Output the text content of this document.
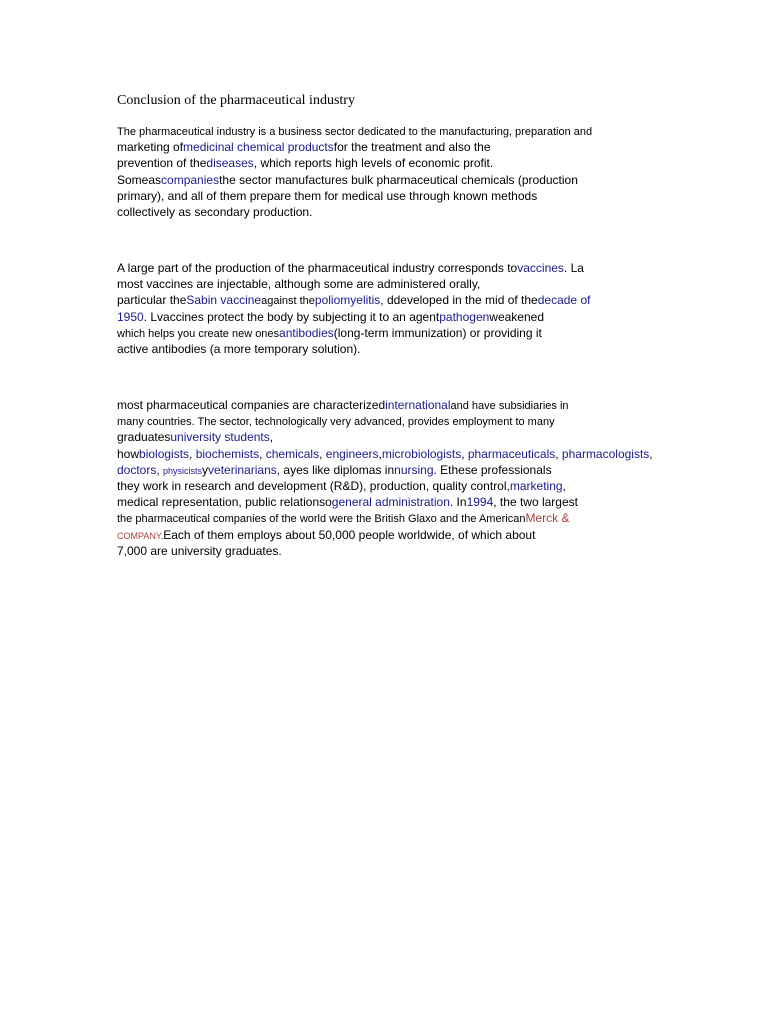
Conclusion of the pharmaceutical industry
The pharmaceutical industry is a business sector dedicated to the manufacturing, preparation and
marketing ofmedicinal chemical productsfor the treatment and also the
prevention of thediseases, which reports high levels of economic profit.
Someascompaniesthe sector manufactures bulk pharmaceutical chemicals (production
primary), and all of them prepare them for medical use through known methods
collectively as secondary production.
A large part of the production of the pharmaceutical industry corresponds tovaccines. La
most vaccines are injectable, although some are administered orally,
particular theSabin vaccineagainst thepoliomyelitis, ddeveloped in the mid of thedecade of
1950. Lvaccines protect the body by subjecting it to an agentpathogenweakened
which helps you create new onesantibodies(long-term immunization) or providing it
active antibodies (a more temporary solution).
most pharmaceutical companies are characterizedinternationaland have subsidiaries in
many countries. The sector, technologically very advanced, provides employment to many
graduatesuniversity students,
howbiologists, biochemists, chemicals, engineers,microbiologists, pharmaceuticals, pharmacologists,
doctors, physicistsyveterinarians, ayes like diplomas innursing. Ethese professionals
they work in research and development (R&D), production, quality control,marketing,
medical representation, public relationsogeneral administration. In1994, the two largest
the pharmaceutical companies of the world were the British Glaxo and the AmericanMerck &
COMPANY.Each of them employs about 50,000 people worldwide, of which about
7,000 are university graduates.
